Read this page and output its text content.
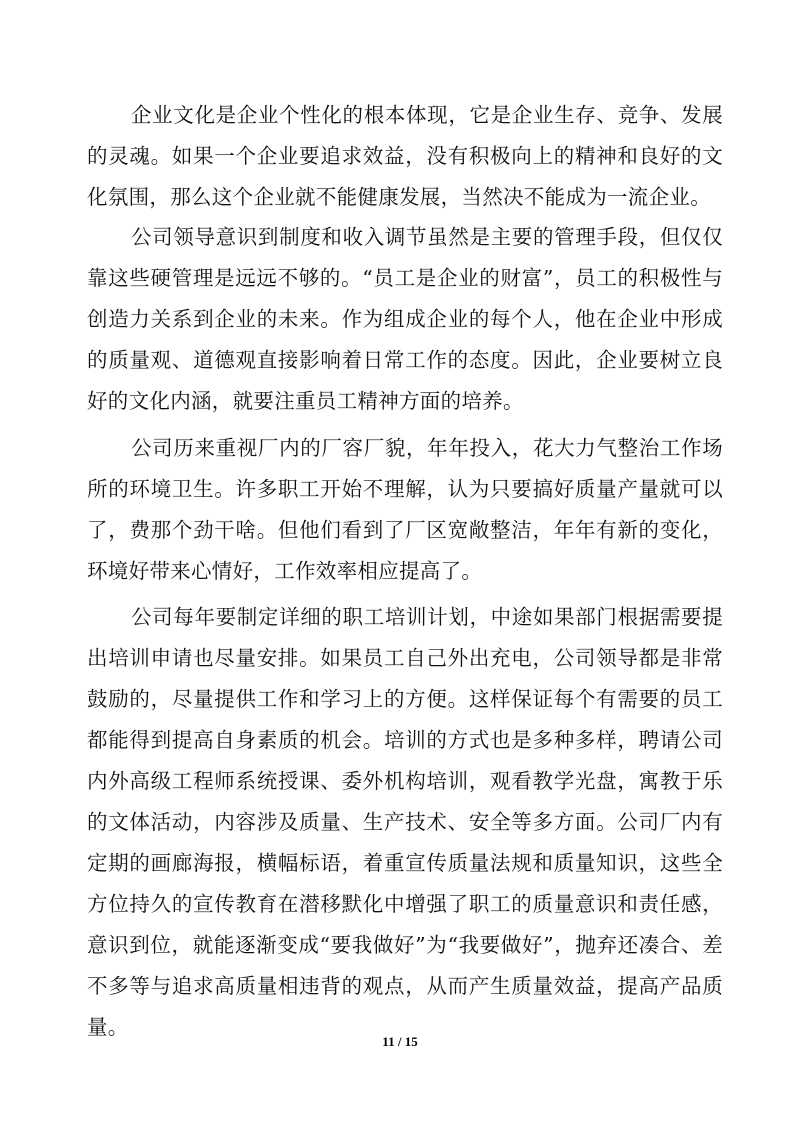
企业文化是企业个性化的根本体现，它是企业生存、竞争、发展的灵魂。如果一个企业要追求效益，没有积极向上的精神和良好的文化氛围，那么这个企业就不能健康发展，当然决不能成为一流企业。

公司领导意识到制度和收入调节虽然是主要的管理手段，但仅仅靠这些硬管理是远远不够的。“员工是企业的财富”，员工的积极性与创造力关系到企业的未来。作为组成企业的每个人，他在企业中形成的质量观、道德观直接影响着日常工作的态度。因此，企业要树立良好的文化内涵，就要注重员工精神方面的培养。

公司历来重视厂内的厂容厂貌，年年投入，花大力气整治工作场所的环境卫生。许多职工开始不理解，认为只要搞好质量产量就可以了，费那个劲干啥。但他们看到了厂区宽敞整洁，年年有新的变化，环境好带来心情好，工作效率相应提高了。

公司每年要制定详细的职工培训计划，中途如果部门根据需要提出培训申请也尽量安排。如果员工自己外出充电，公司领导都是非常鼓励的，尽量提供工作和学习上的方便。这样保证每个有需要的员工都能得到提高自身素质的机会。培训的方式也是多种多样，聘请公司内外高级工程师系统授课、委外机构培训，观看教学光盘，寓教于乐的文体活动，内容涉及质量、生产技术、安全等多方面。公司厂内有定期的画廊海报，横幅标语，着重宣传质量法规和质量知识，这些全方位持久的宣传教育在潜移默化中增强了职工的质量意识和责任感，意识到位，就能逐渐变成“要我做好”为“我要做好”，抛弃还凑合、差不多等与追求高质量相违背的观点，从而产生质量效益，提高产品质量。

11 / 15
